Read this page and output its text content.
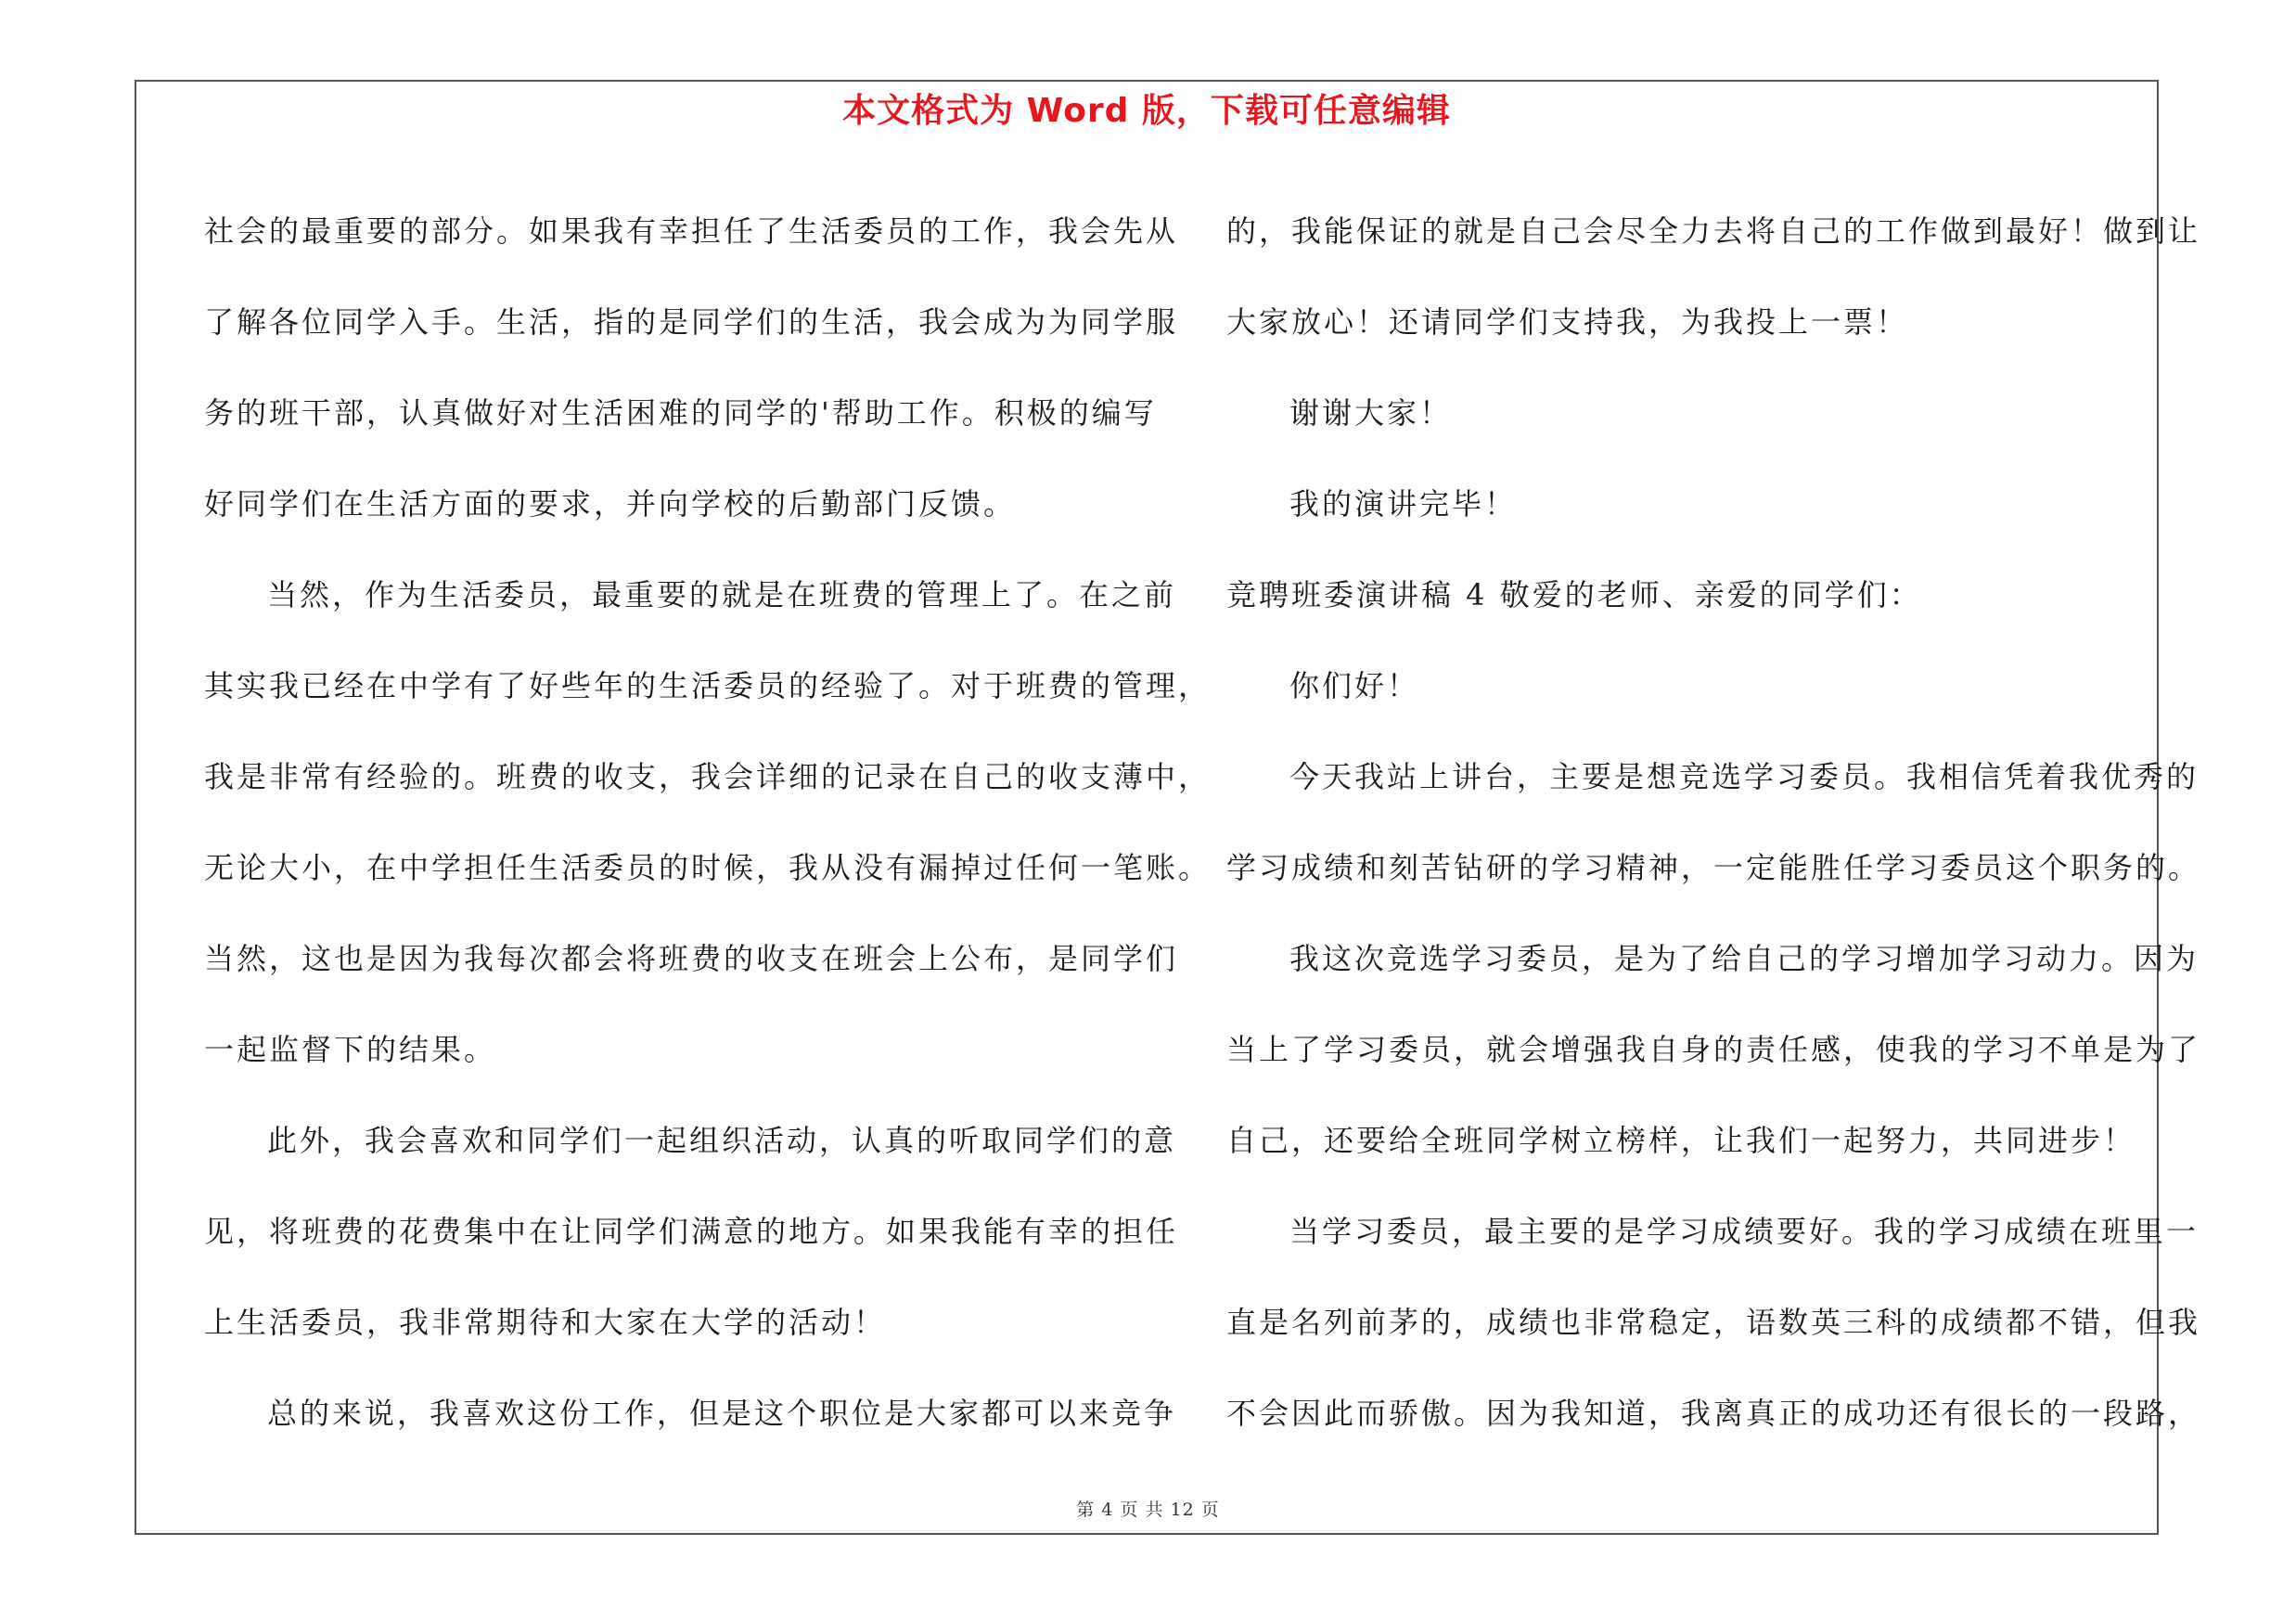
本文格式为 Word 版，下载可任意编辑

社会的最重要的部分。如果我有幸担任了生活委员的工作，我会先从

了解各位同学入手。生活，指的是同学们的生活，我会成为为同学服

务的班干部，认真做好对生活困难的同学的'帮助工作。积极的编写

好同学们在生活方面的要求，并向学校的后勤部门反馈。

当然，作为生活委员，最重要的就是在班费的管理上了。在之前

其实我已经在中学有了好些年的生活委员的经验了。对于班费的管理，

我是非常有经验的。班费的收支，我会详细的记录在自己的收支薄中，

无论大小，在中学担任生活委员的时候，我从没有漏掉过任何一笔账。

当然，这也是因为我每次都会将班费的收支在班会上公布，是同学们

一起监督下的结果。

此外，我会喜欢和同学们一起组织活动，认真的听取同学们的意

见，将班费的花费集中在让同学们满意的地方。如果我能有幸的担任

上生活委员，我非常期待和大家在大学的活动！

总的来说，我喜欢这份工作，但是这个职位是大家都可以来竞争

的，我能保证的就是自己会尽全力去将自己的工作做到最好！做到让

大家放心！还请同学们支持我，为我投上一票！

谢谢大家！

我的演讲完毕！

竞聘班委演讲稿 4 敬爱的老师、亲爱的同学们：

你们好！

今天我站上讲台，主要是想竞选学习委员。我相信凭着我优秀的

学习成绩和刻苦钻研的学习精神，一定能胜任学习委员这个职务的。

我这次竞选学习委员，是为了给自己的学习增加学习动力。因为

当上了学习委员，就会增强我自身的责任感，使我的学习不单是为了

自己，还要给全班同学树立榜样，让我们一起努力，共同进步！

当学习委员，最主要的是学习成绩要好。我的学习成绩在班里一

直是名列前茅的，成绩也非常稳定，语数英三科的成绩都不错，但我

不会因此而骄傲。因为我知道，我离真正的成功还有很长的一段路，

第 4 页 共 12 页
